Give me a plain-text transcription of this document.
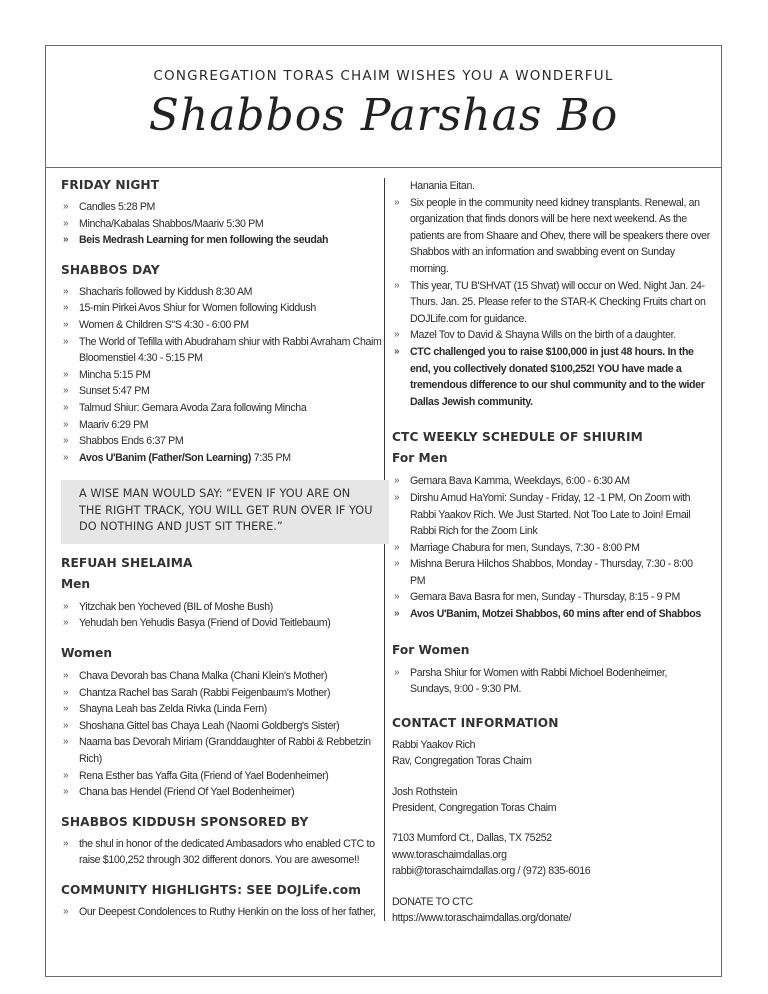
CONGREGATION TORAS CHAIM WISHES YOU A WONDERFUL
Shabbos Parshas Bo
FRIDAY NIGHT
» Candles 5:28 PM
» Mincha/Kabalas Shabbos/Maariv 5:30 PM
» Beis Medrash Learning for men following the seudah
SHABBOS DAY
» Shacharis followed by Kiddush 8:30 AM
» 15-min Pirkei Avos Shiur for Women following Kiddush
» Women & Children S"S 4:30 - 6:00 PM
» The World of Tefilla with Abudraham shiur with Rabbi Avraham Chaim Bloomenstiel 4:30 - 5:15 PM
» Mincha 5:15 PM
» Sunset 5:47 PM
» Talmud Shiur: Gemara Avoda Zara following Mincha
» Maariv 6:29 PM
» Shabbos Ends 6:37 PM
» Avos U'Banim (Father/Son Learning) 7:35 PM
A WISE MAN WOULD SAY: “EVEN IF YOU ARE ON THE RIGHT TRACK, YOU WILL GET RUN OVER IF YOU DO NOTHING AND JUST SIT THERE.”
REFUAH SHELAIMA
Men
» Yitzchak ben Yocheved (BIL of Moshe Bush)
» Yehudah ben Yehudis Basya (Friend of Dovid Teitlebaum)
Women
» Chava Devorah bas Chana Malka (Chani Klein's Mother)
» Chantza Rachel bas Sarah (Rabbi Feigenbaum's Mother)
» Shayna Leah bas Zelda Rivka (Linda Fern)
» Shoshana Gittel bas Chaya Leah (Naomi Goldberg's Sister)
» Naama bas Devorah Miriam (Granddaughter of Rabbi & Rebbetzin Rich)
» Rena Esther bas Yaffa Gita (Friend of Yael Bodenheimer)
» Chana bas Hendel (Friend Of Yael Bodenheimer)
SHABBOS KIDDUSH SPONSORED BY
» the shul in honor of the dedicated Ambasadors who enabled CTC to raise $100,252 through 302 different donors. You are awesome!!
COMMUNITY HIGHLIGHTS: SEE DOJLife.com
» Our Deepest Condolences to Ruthy Henkin on the loss of her father,
Hanania Eitan.
» Six people in the community need kidney transplants. Renewal, an organization that finds donors will be here next weekend. As the patients are from Shaare and Ohev, there will be speakers there over Shabbos with an information and swabbing event on Sunday morning.
» This year, TU B'SHVAT (15 Shvat) will occur on Wed. Night Jan. 24-Thurs. Jan. 25. Please refer to the STAR-K Checking Fruits chart on DOJLife.com for guidance.
» Mazel Tov to David & Shayna Wills on the birth of a daughter.
» CTC challenged you to raise $100,000 in just 48 hours. In the end, you collectively donated $100,252! YOU have made a tremendous difference to our shul community and to the wider Dallas Jewish community.
CTC WEEKLY SCHEDULE OF SHIURIM
For Men
» Gemara Bava Kamma, Weekdays, 6:00 - 6:30 AM
» Dirshu Amud HaYomi: Sunday - Friday, 12 -1 PM, On Zoom with Rabbi Yaakov Rich. We Just Started. Not Too Late to Join! Email Rabbi Rich for the Zoom Link
» Marriage Chabura for men, Sundays, 7:30 - 8:00 PM
» Mishna Berura Hilchos Shabbos, Monday - Thursday, 7:30 - 8:00 PM
» Gemara Bava Basra for men, Sunday - Thursday, 8:15 - 9 PM
» Avos U'Banim, Motzei Shabbos, 60 mins after end of Shabbos
For Women
» Parsha Shiur for Women with Rabbi Michoel Bodenheimer, Sundays, 9:00 - 9:30 PM.
CONTACT INFORMATION

Rabbi Yaakov Rich

Rav, Congregation Toras Chaim

Josh Rothstein

President, Congregation Toras Chaim

7103 Mumford Ct., Dallas, TX 75252

www.toraschaimdallas.org

rabbi@toraschaimdallas.org / (972) 835-6016

DONATE TO CTC

https://www.toraschaimdallas.org/donate/
